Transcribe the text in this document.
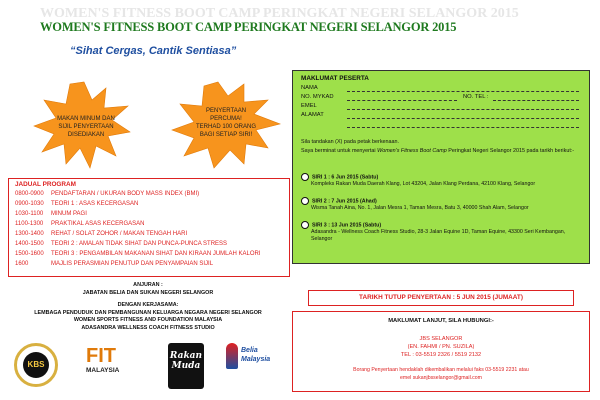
WOMEN'S FITNESS BOOT CAMP PERINGKAT NEGERI SELANGOR 2015
WOMEN'S FITNESS BOOT CAMP PERINGKAT NEGERI SELANGOR 2015
“Sihat Cergas, Cantik Sentiasa”
MAKAN MINUM DAN
SIJIL PENYERTAAN
DISEDIAKAN
PENYERTAAN
PERCUMA!
TERHAD 100 ORANG
BAGI SETIAP SIRI!
JADUAL PROGRAM
0800-0900 PENDAFTARAN / UKURAN BODY MASS INDEX (BMI)
0900-1030 TEORI 1 : ASAS KECERGASAN
1030-1100 MINUM PAGI
1100-1300 PRAKTIKAL ASAS KECERGASAN
1300-1400 REHAT / SOLAT ZOHOR / MAKAN TENGAH HARI
1400-1500 TEORI 2 : AMALAN TIDAK SIHAT DAN PUNCA-PUNCA STRESS
1500-1600 TEORI 3 : PENGAMBILAN MAKANAN SIHAT DAN KIRAAN JUMLAH KALORI
1600	MAJLIS PERASMIAN PENUTUP DAN PENYAMPAIAN SIJIL
ANJURAN :
JABATAN BELIA DAN SUKAN NEGERI SELANGOR
DENGAN KERJASAMA:
LEMBAGA PENDUDUK DAN PEMBANGUNAN KELUARGA NEGARA NEGERI SELANGOR
WOMEN SPORTS FITNESS AND FOUNDATION MALAYSIA
ADASANDRA WELLNESS COACH FITNESS STUDIO
KBS FIT
MALAYSIA
Rakan
Muda
Belia
Malaysia
MAKLUMAT PESERTA
NAMA
NO. MYKAD	NO. TEL :
EMEL
ALAMAT
Sila tandakan (X) pada petak berkenaan.
Saya berminat untuk menyertai Women's Fitness Boot Camp Peringkat Negeri Selangor 2015 pada tarikh berikut:-
SIRI 1 : 6 Jun 2015 (Sabtu)
Kompleks Rakan Muda Daerah Klang, Lot 43204, Jalan Klang Perdana, 42100 Klang, Selangor
SIRI 2 : 7 Jun 2015 (Ahad)
Wisma Tanah Aina, No. 1, Jalan Mesra 1, Taman Mesra, Batu 3, 40000 Shah Alam, Selangor
SIRI 3 : 13 Jun 2015 (Sabtu)
Adasandra - Wellness Coach Fitness Studio, 28-3 Jalan Equine 1D, Taman Equine, 43300 Seri Kembangan, Selangor
TARIKH TUTUP PENYERTAAN : 5 JUN 2015 (JUMAAT)
MAKLUMAT LANJUT, SILA HUBUNGI:-
JBS SELANGOR
(EN. FAHMI / PN. SUZILA)
TEL : 03-5519 2326 / 5519 2132
Borang Penyertaan hendaklah dikembalikan melalui faks 03-5519 2231 atau
emel sukanjbsselangor@gmail.com
